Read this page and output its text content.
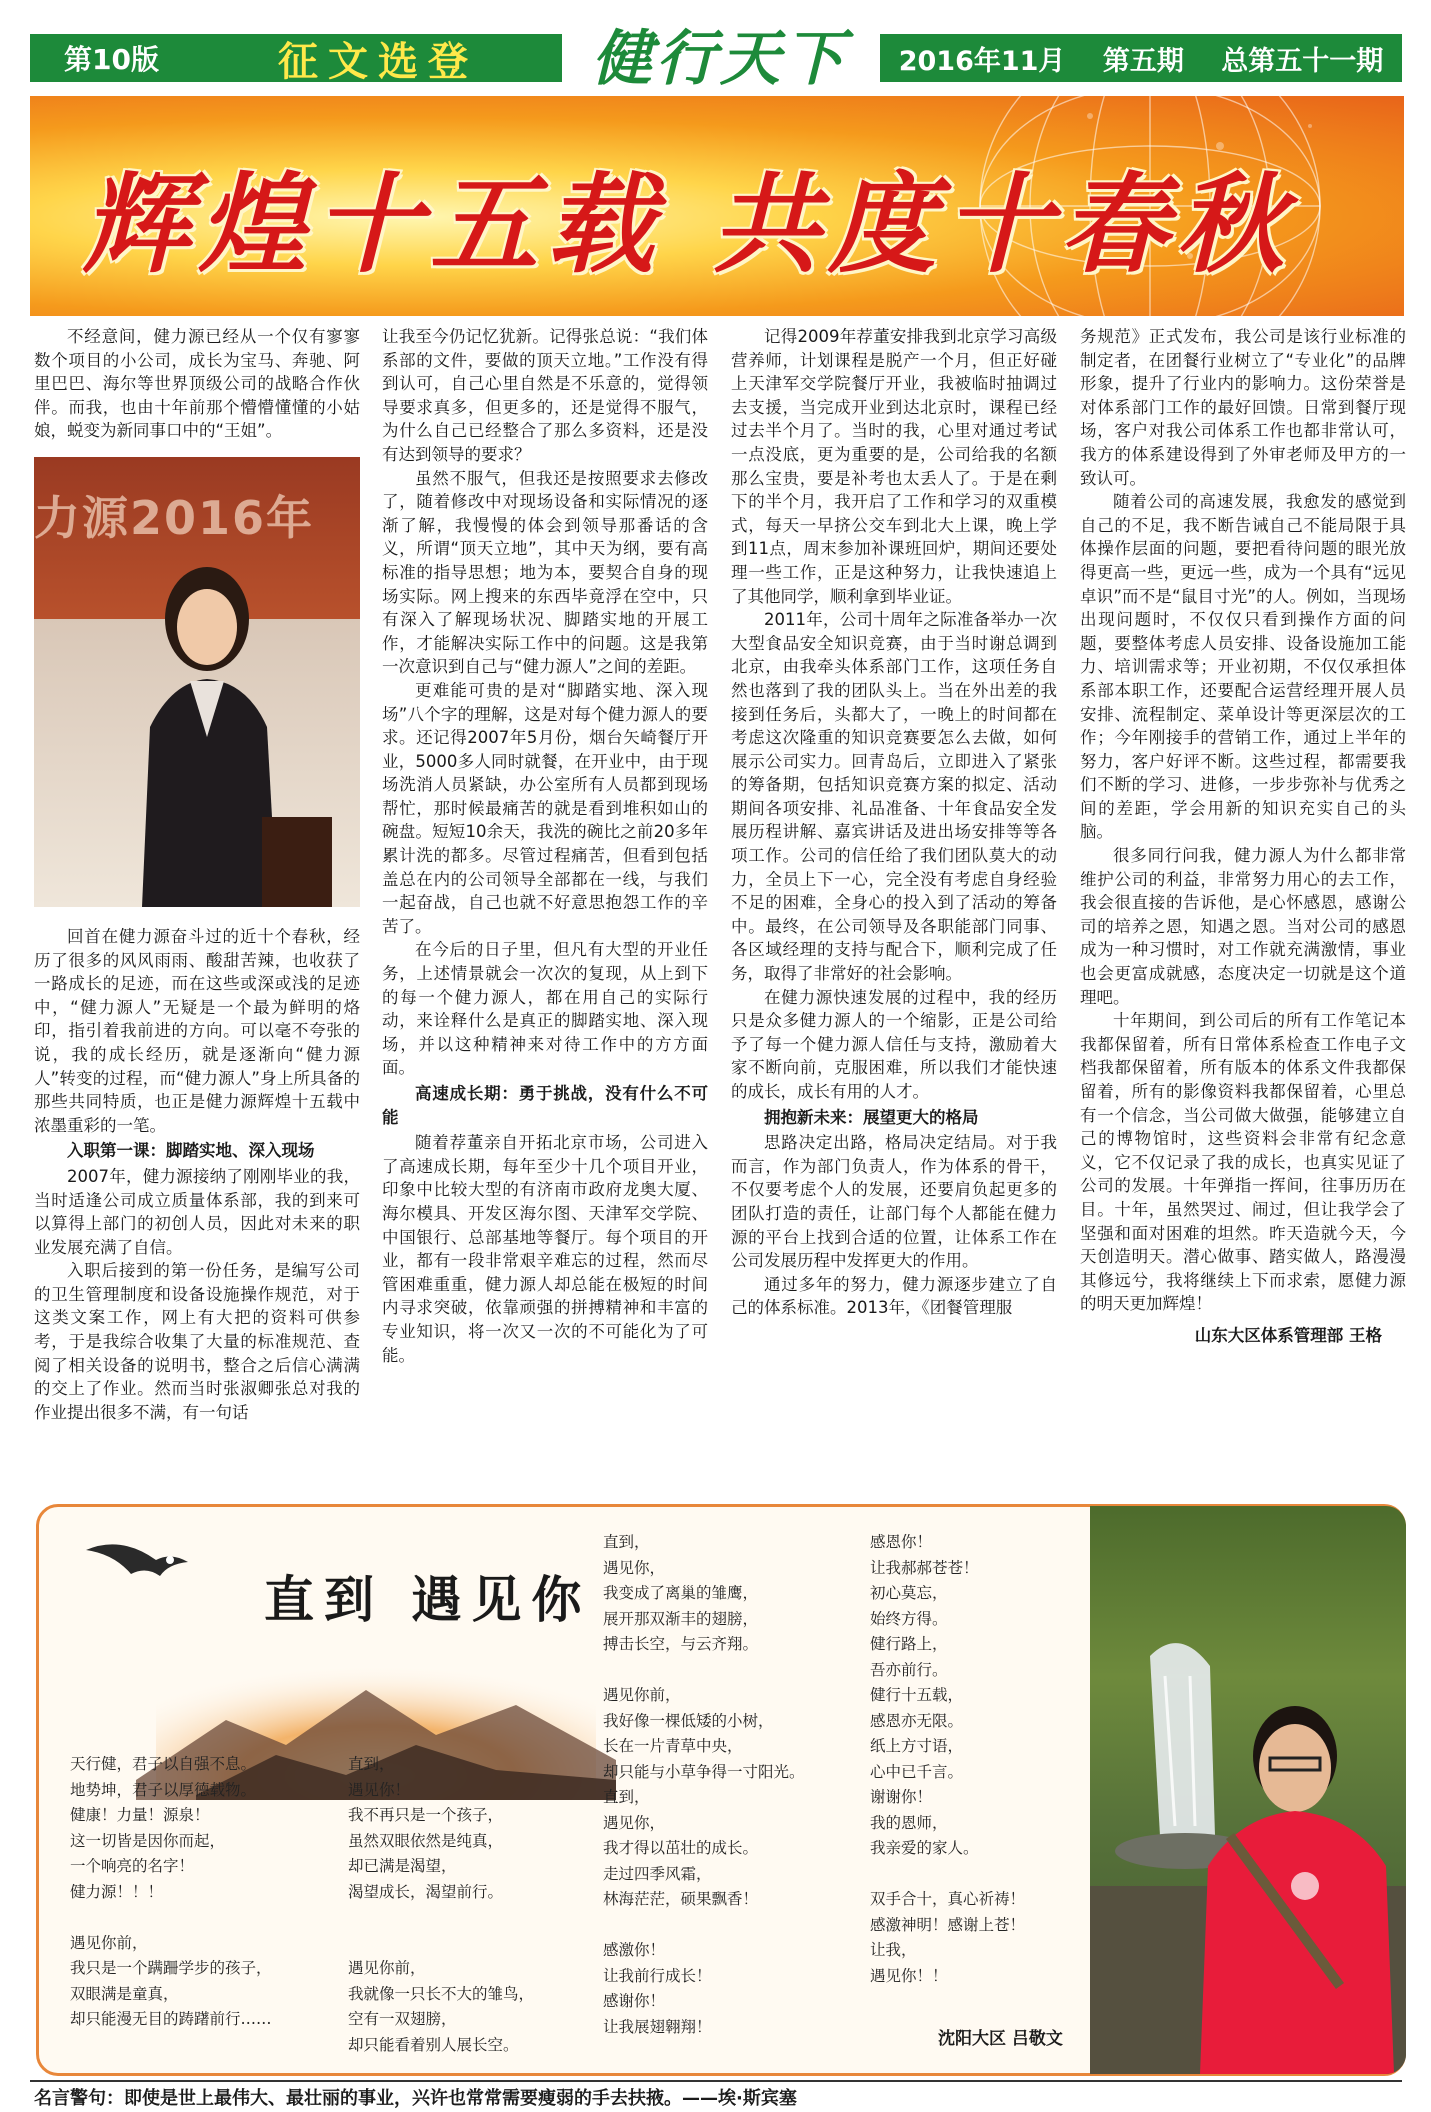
第10版	征文选登 健行天下	2016年11月 第五期 总第五十一期
辉煌十五载 共度十春秋

不经意间，健力源已经从一个仅有寥寥数个项目的小公司，成长为宝马、奔驰、阿里巴巴、海尔等世界顶级公司的战略合作伙伴。而我，也由十年前那个懵懵懂懂的小姑娘，蜕变为新同事口中的“王姐”。

力源2016年

回首在健力源奋斗过的近十个春秋，经历了很多的风风雨雨、酸甜苦辣，也收获了一路成长的足迹，而在这些或深或浅的足迹中，“健力源人”无疑是一个最为鲜明的烙印，指引着我前进的方向。可以毫不夸张的说，我的成长经历，就是逐渐向“健力源人”转变的过程，而“健力源人”身上所具备的那些共同特质，也正是健力源辉煌十五载中浓墨重彩的一笔。

入职第一课：脚踏实地、深入现场

2007年，健力源接纳了刚刚毕业的我，当时适逢公司成立质量体系部，我的到来可以算得上部门的初创人员，因此对未来的职业发展充满了自信。

入职后接到的第一份任务，是编写公司的卫生管理制度和设备设施操作规范，对于这类文案工作，网上有大把的资料可供参考，于是我综合收集了大量的标准规范、查阅了相关设备的说明书，整合之后信心满满的交上了作业。然而当时张淑卿张总对我的作业提出很多不满，有一句话

让我至今仍记忆犹新。记得张总说：“我们体系部的文件，要做的顶天立地。”工作没有得到认可，自己心里自然是不乐意的，觉得领导要求真多，但更多的，还是觉得不服气，为什么自己已经整合了那么多资料，还是没有达到领导的要求？

虽然不服气，但我还是按照要求去修改了，随着修改中对现场设备和实际情况的逐渐了解，我慢慢的体会到领导那番话的含义，所谓“顶天立地”，其中天为纲，要有高标准的指导思想；地为本，要契合自身的现场实际。网上搜来的东西毕竟浮在空中，只有深入了解现场状况、脚踏实地的开展工作，才能解决实际工作中的问题。这是我第一次意识到自己与“健力源人”之间的差距。

更难能可贵的是对“脚踏实地、深入现场”八个字的理解，这是对每个健力源人的要求。还记得2007年5月份，烟台矢崎餐厅开业，5000多人同时就餐，在开业中，由于现场洗消人员紧缺，办公室所有人员都到现场帮忙，那时候最痛苦的就是看到堆积如山的碗盘。短短10余天，我洗的碗比之前20多年累计洗的都多。尽管过程痛苦，但看到包括盖总在内的公司领导全部都在一线，与我们一起奋战，自己也就不好意思抱怨工作的辛苦了。

在今后的日子里，但凡有大型的开业任务，上述情景就会一次次的复现，从上到下的每一个健力源人，都在用自己的实际行动，来诠释什么是真正的脚踏实地、深入现场，并以这种精神来对待工作中的方方面面。

高速成长期：勇于挑战，没有什么不可能

随着荐董亲自开拓北京市场，公司进入了高速成长期，每年至少十几个项目开业，印象中比较大型的有济南市政府龙奥大厦、海尔模具、开发区海尔图、天津军交学院、中国银行、总部基地等餐厅。每个项目的开业，都有一段非常艰辛难忘的过程，然而尽管困难重重，健力源人却总能在极短的时间内寻求突破，依靠顽强的拼搏精神和丰富的专业知识，将一次又一次的不可能化为了可能。

记得2009年荐董安排我到北京学习高级营养师，计划课程是脱产一个月，但正好碰上天津军交学院餐厅开业，我被临时抽调过去支援，当完成开业到达北京时，课程已经过去半个月了。当时的我，心里对通过考试一点没底，更为重要的是，公司给我的名额那么宝贵，要是补考也太丢人了。于是在剩下的半个月，我开启了工作和学习的双重模式，每天一早挤公交车到北大上课，晚上学到11点，周末参加补课班回炉，期间还要处理一些工作，正是这种努力，让我快速追上了其他同学，顺利拿到毕业证。

2011年，公司十周年之际准备举办一次大型食品安全知识竞赛，由于当时谢总调到北京，由我牵头体系部门工作，这项任务自然也落到了我的团队头上。当在外出差的我接到任务后，头都大了，一晚上的时间都在考虑这次隆重的知识竞赛要怎么去做，如何展示公司实力。回青岛后，立即进入了紧张的筹备期，包括知识竞赛方案的拟定、活动期间各项安排、礼品准备、十年食品安全发展历程讲解、嘉宾讲话及进出场安排等等各项工作。公司的信任给了我们团队莫大的动力，全员上下一心，完全没有考虑自身经验不足的困难，全身心的投入到了活动的筹备中。最终，在公司领导及各职能部门同事、各区域经理的支持与配合下，顺利完成了任务，取得了非常好的社会影响。

在健力源快速发展的过程中，我的经历只是众多健力源人的一个缩影，正是公司给予了每一个健力源人信任与支持，激励着大家不断向前，克服困难，所以我们才能快速的成长，成长有用的人才。

拥抱新未来：展望更大的格局

思路决定出路，格局决定结局。对于我而言，作为部门负责人，作为体系的骨干，不仅要考虑个人的发展，还要肩负起更多的团队打造的责任，让部门每个人都能在健力源的平台上找到合适的位置，让体系工作在公司发展历程中发挥更大的作用。

通过多年的努力，健力源逐步建立了自己的体系标准。2013年，《团餐管理服

务规范》正式发布，我公司是该行业标准的制定者，在团餐行业树立了“专业化”的品牌形象，提升了行业内的影响力。这份荣誉是对体系部门工作的最好回馈。日常到餐厅现场，客户对我公司体系工作也都非常认可，我方的体系建设得到了外审老师及甲方的一致认可。

随着公司的高速发展，我愈发的感觉到自己的不足，我不断告诫自己不能局限于具体操作层面的问题，要把看待问题的眼光放得更高一些，更远一些，成为一个具有“远见卓识”而不是“鼠目寸光”的人。例如，当现场出现问题时，不仅仅只看到操作方面的问题，要整体考虑人员安排、设备设施加工能力、培训需求等；开业初期，不仅仅承担体系部本职工作，还要配合运营经理开展人员安排、流程制定、菜单设计等更深层次的工作；今年刚接手的营销工作，通过上半年的努力，客户好评不断。这些过程，都需要我们不断的学习、进修，一步步弥补与优秀之间的差距，学会用新的知识充实自己的头脑。

很多同行问我，健力源人为什么都非常维护公司的利益，非常努力用心的去工作，我会很直接的告诉他，是心怀感恩，感谢公司的培养之恩，知遇之恩。当对公司的感恩成为一种习惯时，对工作就充满激情，事业也会更富成就感，态度决定一切就是这个道理吧。

十年期间，到公司后的所有工作笔记本我都保留着，所有日常体系检查工作电子文档我都保留着，所有版本的体系文件我都保留着，所有的影像资料我都保留着，心里总有一个信念，当公司做大做强，能够建立自己的博物馆时，这些资料会非常有纪念意义，它不仅记录了我的成长，也真实见证了公司的发展。十年弹指一挥间，往事历历在目。十年，虽然哭过、闹过，但让我学会了坚强和面对困难的坦然。昨天造就今天，今天创造明天。潜心做事、踏实做人，路漫漫其修远兮，我将继续上下而求索，愿健力源的明天更加辉煌！

山东大区体系管理部 王格

直到 遇见你
天行健，君子以自强不息。
地势坤，君子以厚德载物。
健康！力量！源泉！
这一切皆是因你而起，
一个响亮的名字！
健力源！！！

遇见你前，
我只是一个蹒跚学步的孩子，
双眼满是童真，
却只能漫无目的踌躇前行……
直到，
遇见你！
我不再只是一个孩子，
虽然双眼依然是纯真，
却已满是渴望，
渴望成长，渴望前行。

遇见你前，
我就像一只长不大的雏鸟，
空有一双翅膀，
却只能看着别人展长空。
直到，
遇见你，
我变成了离巢的雏鹰，
展开那双渐丰的翅膀，
搏击长空，与云齐翔。

遇见你前，
我好像一棵低矮的小树，
长在一片青草中央，
却只能与小草争得一寸阳光。
直到，
遇见你，
我才得以茁壮的成长。
走过四季风霜，
林海茫茫，硕果飘香！

感激你！
让我前行成长！
感谢你！
让我展翅翱翔！
感恩你！
让我郝郝苍苍！
初心莫忘，
始终方得。
健行路上，
吾亦前行。
健行十五载，
感恩亦无限。
纸上方寸语，
心中已千言。
谢谢你！
我的恩师，
我亲爱的家人。

双手合十，真心祈祷！
感激神明！感谢上苍！
让我，
遇见你！！
沈阳大区 吕敬文
名言警句：即使是世上最伟大、最壮丽的事业，兴许也常常需要瘦弱的手去扶掖。——埃·斯宾塞
